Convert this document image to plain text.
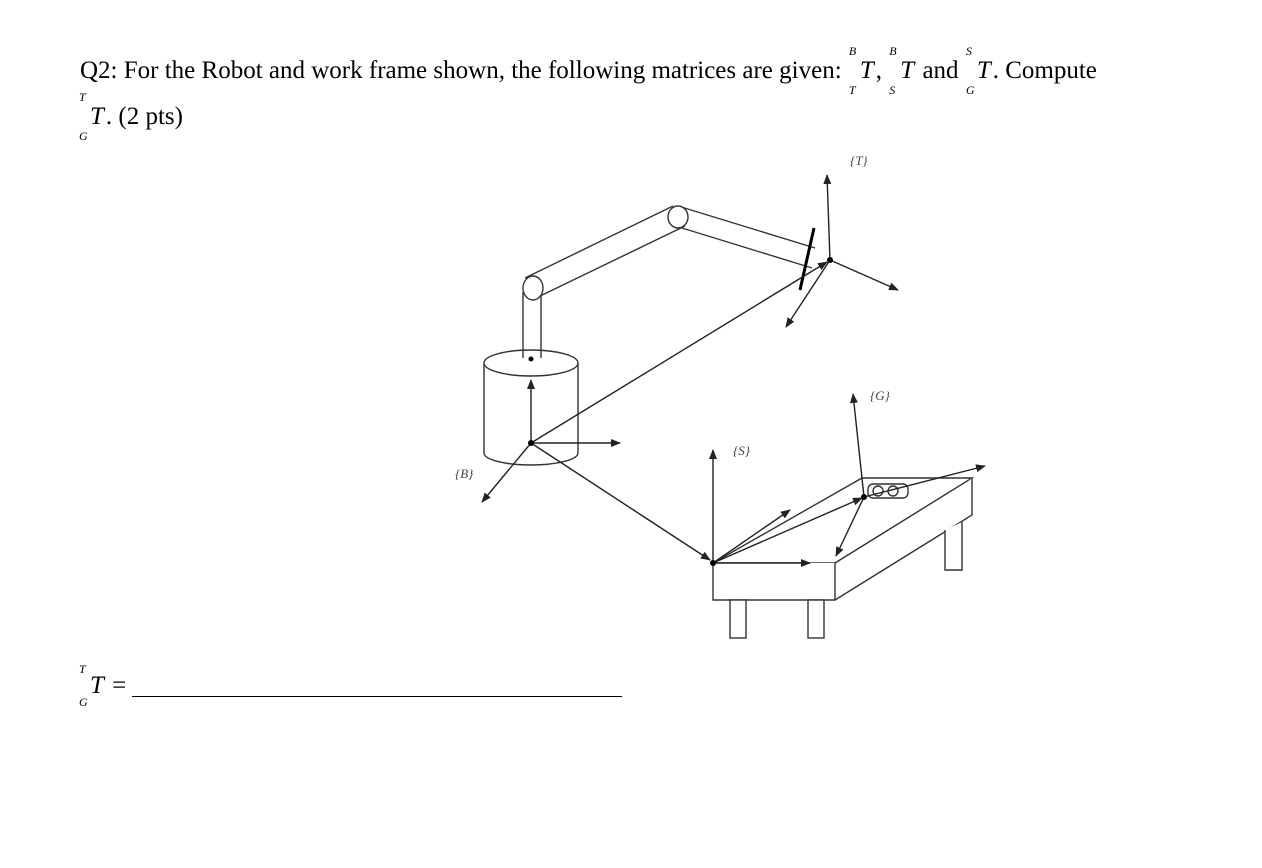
Q2: For the Robot and work frame shown, the following matrices are given:
B
T
T,
B
S
T and
S
G
T. Compute

T
G
T. (2 pts)
{T}
{B}
{S}
{G}
T
G
T =
